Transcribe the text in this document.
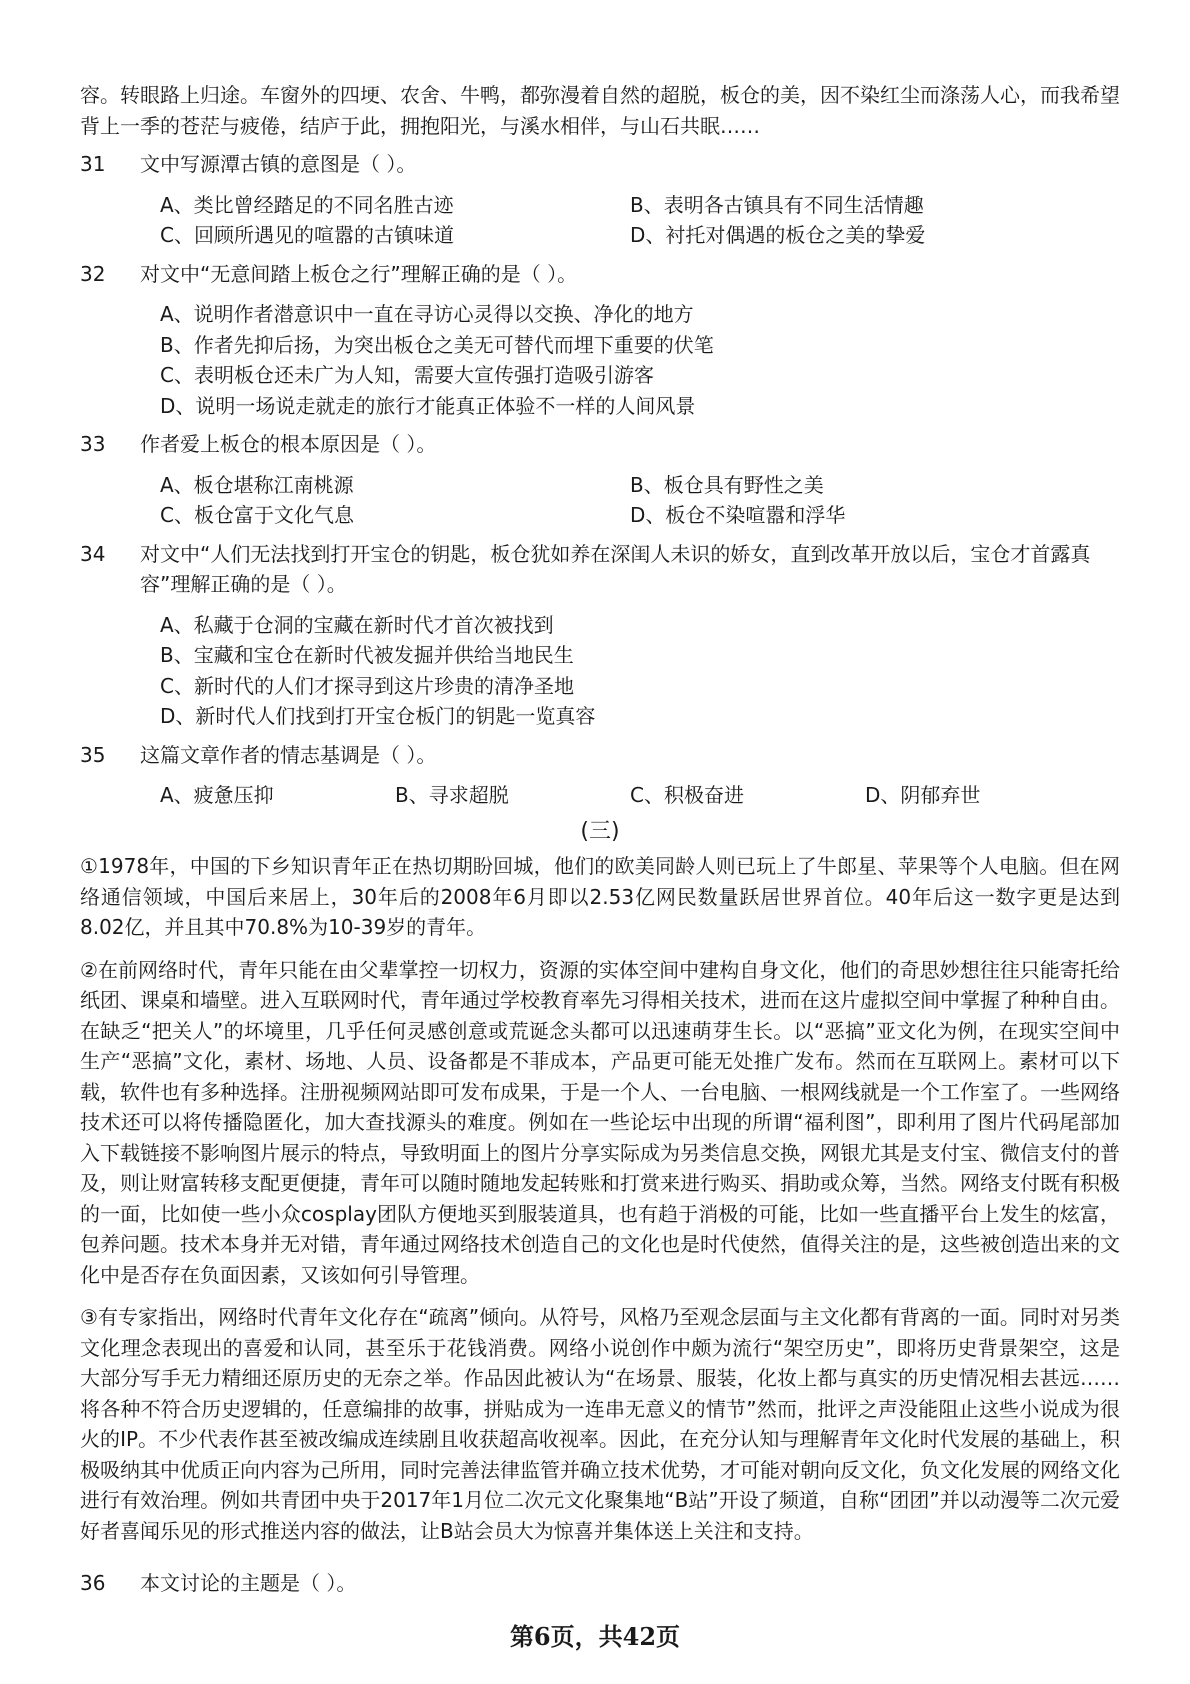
容。转眼路上归途。车窗外的四埂、农舍、牛鸭，都弥漫着自然的超脱，板仓的美，因不染红尘而涤荡人心，而我希望背上一季的苍茫与疲倦，结庐于此，拥抱阳光，与溪水相伴，与山石共眠……

31	文中写源潭古镇的意图是（ ）。
A、类比曾经踏足的不同名胜古迹	B、表明各古镇具有不同生活情趣
C、回顾所遇见的喧嚣的古镇味道	D、衬托对偶遇的板仓之美的挚爱
32	对文中“无意间踏上板仓之行”理解正确的是（ ）。
A、说明作者潜意识中一直在寻访心灵得以交换、净化的地方
B、作者先抑后扬，为突出板仓之美无可替代而埋下重要的伏笔
C、表明板仓还未广为人知，需要大宣传强打造吸引游客
D、说明一场说走就走的旅行才能真正体验不一样的人间风景
33	作者爱上板仓的根本原因是（ ）。
A、板仓堪称江南桃源	B、板仓具有野性之美
C、板仓富于文化气息	D、板仓不染喧嚣和浮华
34	对文中“人们无法找到打开宝仓的钥匙，板仓犹如养在深闺人未识的娇女，直到改革开放以后，宝仓才首露真容”理解正确的是（ ）。
A、私藏于仓洞的宝藏在新时代才首次被找到
B、宝藏和宝仓在新时代被发掘并供给当地民生
C、新时代的人们才探寻到这片珍贵的清净圣地
D、新时代人们找到打开宝仓板门的钥匙一览真容
35	这篇文章作者的情志基调是（ ）。
A、疲惫压抑	B、寻求超脱	C、积极奋进	D、阴郁弃世
(三)

①1978年，中国的下乡知识青年正在热切期盼回城，他们的欧美同龄人则已玩上了牛郎星、苹果等个人电脑。但在网络通信领域，中国后来居上，30年后的2008年6月即以2.53亿网民数量跃居世界首位。40年后这一数字更是达到8.02亿，并且其中70.8%为10-39岁的青年。

②在前网络时代，青年只能在由父辈掌控一切权力，资源的实体空间中建构自身文化，他们的奇思妙想往往只能寄托给纸团、课桌和墙壁。进入互联网时代，青年通过学校教育率先习得相关技术，进而在这片虚拟空间中掌握了种种自由。在缺乏“把关人”的坏境里，几乎任何灵感创意或荒诞念头都可以迅速萌芽生长。以“恶搞”亚文化为例，在现实空间中生产“恶搞”文化，素材、场地、人员、设备都是不菲成本，产品更可能无处推广发布。然而在互联网上。素材可以下载，软件也有多种选择。注册视频网站即可发布成果，于是一个人、一台电脑、一根网线就是一个工作室了。一些网络技术还可以将传播隐匿化，加大查找源头的难度。例如在一些论坛中出现的所谓“福利图”，即利用了图片代码尾部加入下载链接不影响图片展示的特点，导致明面上的图片分享实际成为另类信息交换，网银尤其是支付宝、微信支付的普及，则让财富转移支配更便捷，青年可以随时随地发起转账和打赏来进行购买、捐助或众筹，当然。网络支付既有积极的一面，比如使一些小众cosplay团队方便地买到服装道具，也有趋于消极的可能，比如一些直播平台上发生的炫富，包养问题。技术本身并无对错，青年通过网络技术创造自己的文化也是时代使然，值得关注的是，这些被创造出来的文化中是否存在负面因素，又该如何引导管理。

③有专家指出，网络时代青年文化存在“疏离”倾向。从符号，风格乃至观念层面与主文化都有背离的一面。同时对另类文化理念表现出的喜爱和认同，甚至乐于花钱消费。网络小说创作中颇为流行“架空历史”，即将历史背景架空，这是大部分写手无力精细还原历史的无奈之举。作品因此被认为“在场景、服装，化妆上都与真实的历史情况相去甚远……将各种不符合历史逻辑的，任意编排的故事，拼贴成为一连串无意义的情节”然而，批评之声没能阻止这些小说成为很火的IP。不少代表作甚至被改编成连续剧且收获超高收视率。因此，在充分认知与理解青年文化时代发展的基础上，积极吸纳其中优质正向内容为己所用，同时完善法律监管并确立技术优势，才可能对朝向反文化，负文化发展的网络文化进行有效治理。例如共青团中央于2017年1月位二次元文化聚集地“B站”开设了频道，自称“团团”并以动漫等二次元爱好者喜闻乐见的形式推送内容的做法，让B站会员大为惊喜并集体送上关注和支持。

36	本文讨论的主题是（ ）。
第6页，共42页
